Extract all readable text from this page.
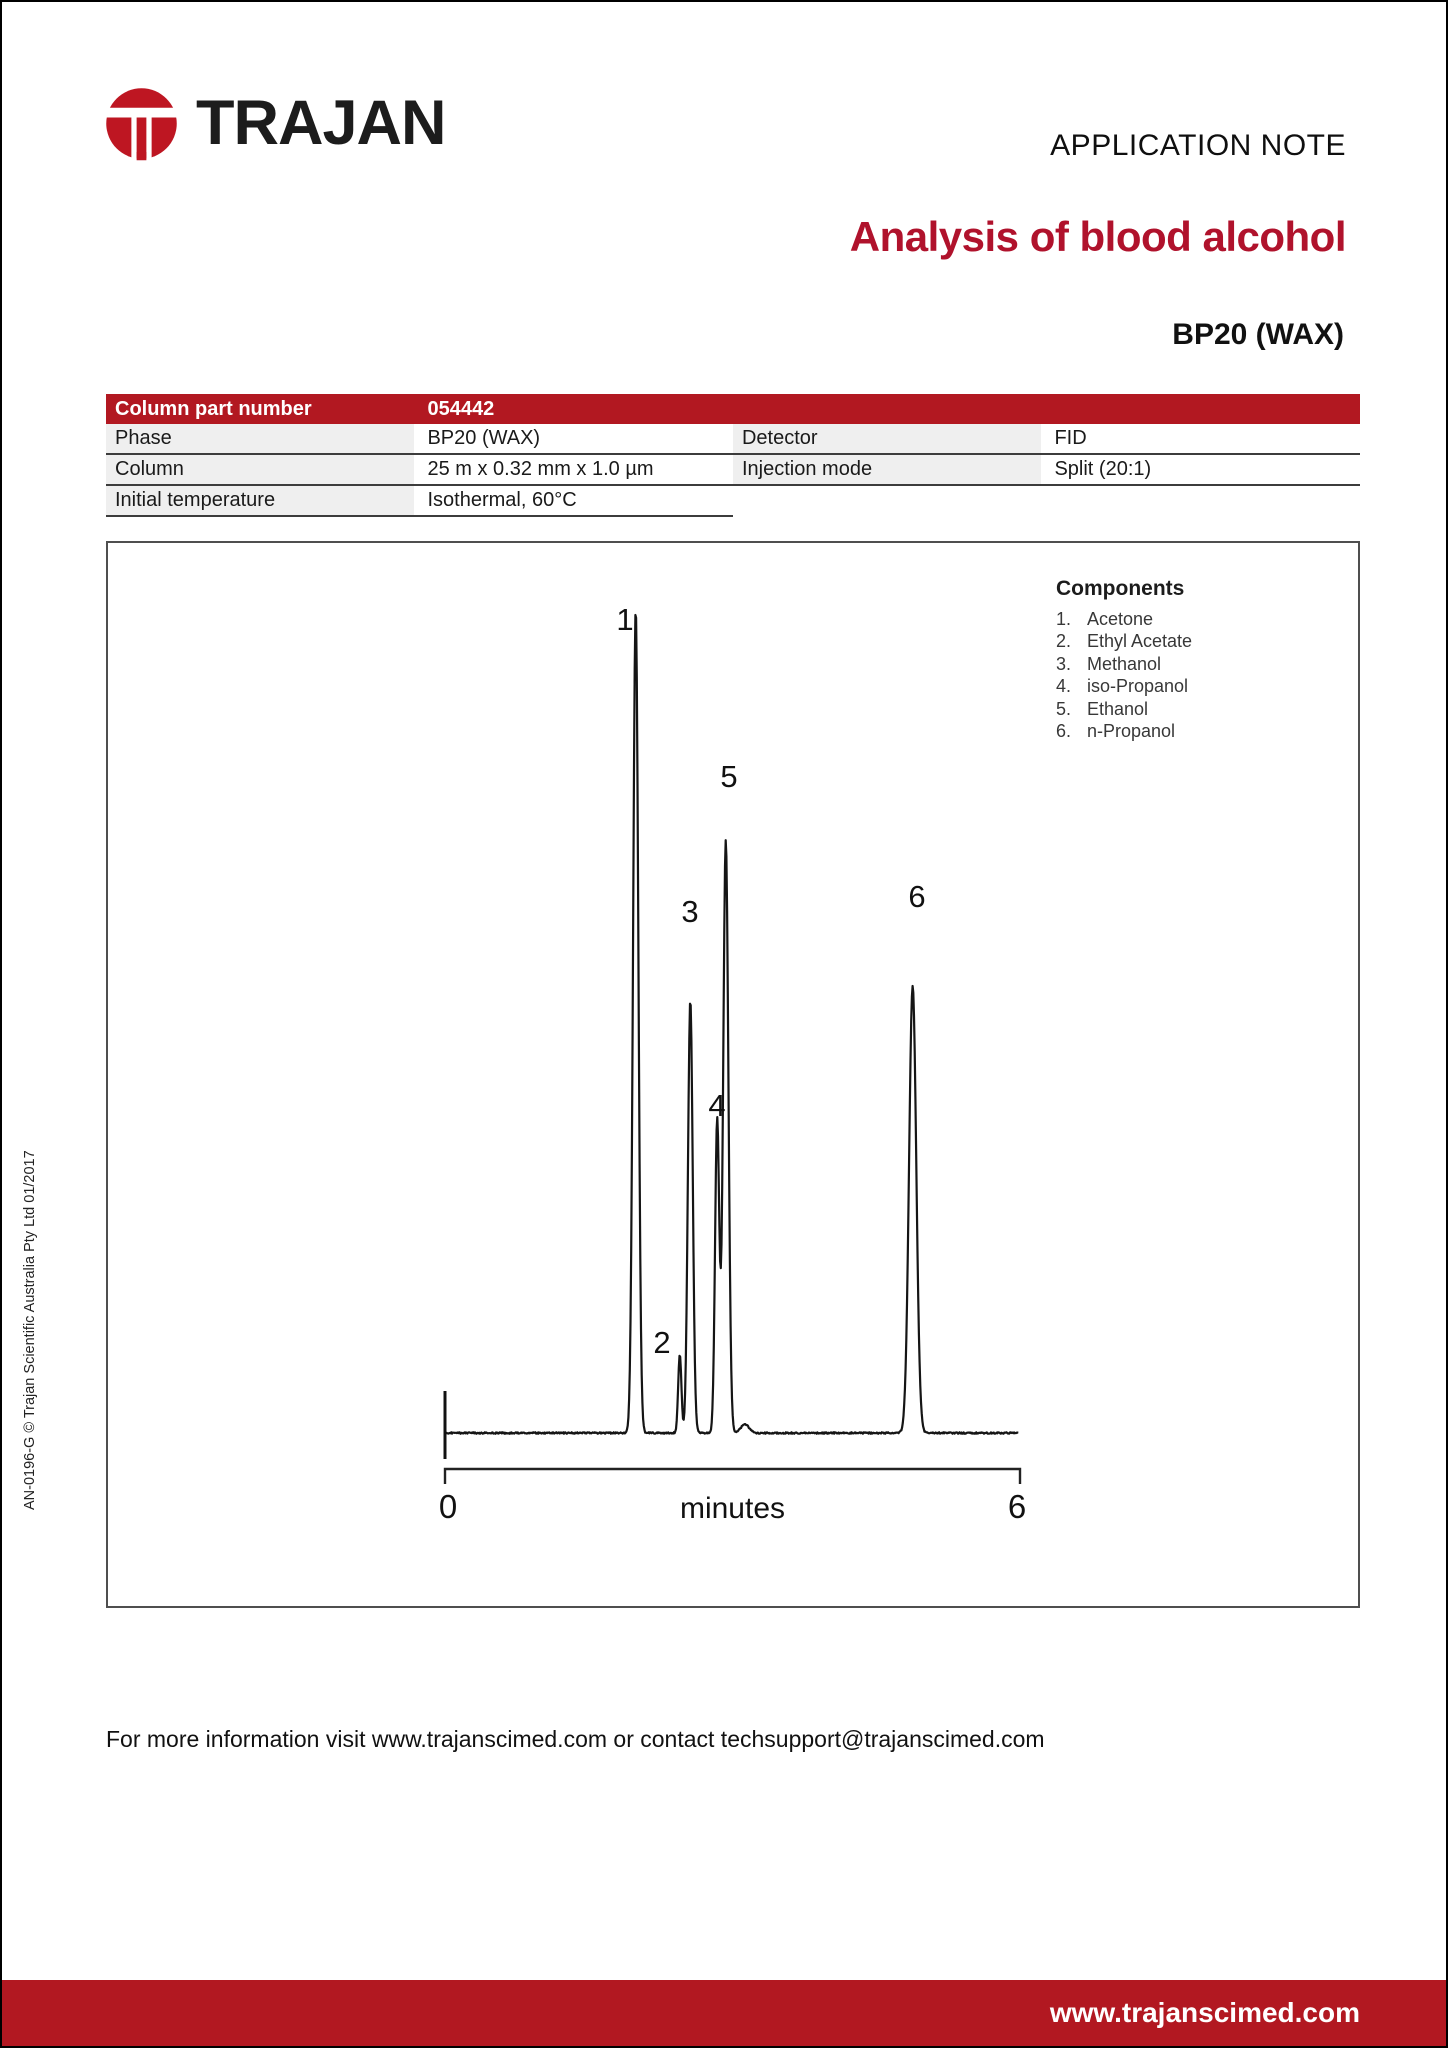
TRAJAN	APPLICATION NOTE
Analysis of blood alcohol
BP20 (WAX)
Column part number	054442
Phase	BP20 (WAX)	Detector	FID
Column	25 m x 0.32 mm x 1.0 µm	Injection mode	Split (20:1)
Initial temperature	Isothermal, 60°C
0	6
minutes
1
2
3
4
5
6
Components
1. Acetone
2. Ethyl Acetate
3. Methanol
4. iso-Propanol
5. Ethanol
6. n-Propanol
AN-0196-G © Trajan Scientific Australia Pty Ltd 01/2017
For more information visit www.trajanscimed.com or contact techsupport@trajanscimed.com
www.trajanscimed.com
